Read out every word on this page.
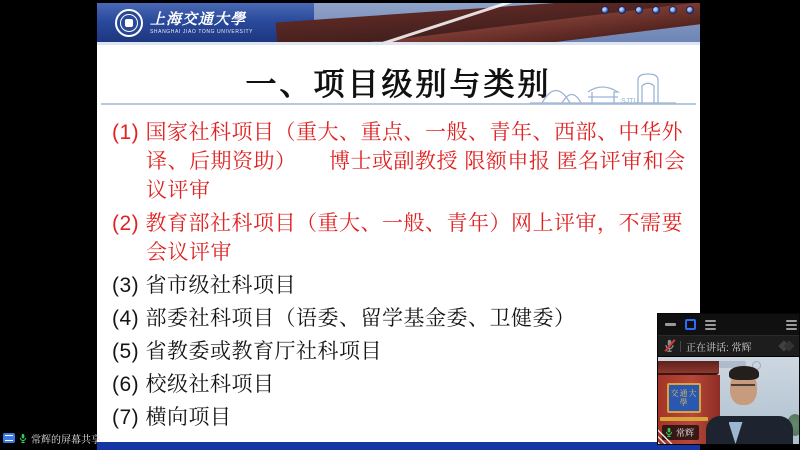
上海交通大學
SHANGHAI JIAO TONG UNIVERSITY
一、项目级别与类别	SJTU
(1) 国家社科项目（重大、重点、一般、青年、西部、中华外译、后期资助）　　博士或副教授 限额申报 匿名评审和会议评审
(2) 教育部社科项目（重大、一般、青年）网上评审，不需要会议评审
(3) 省市级社科项目
(4) 部委社科项目（语委、留学基金委、卫健委）
(5) 省教委或教育厅社科项目
(6) 校级社科项目
(7) 横向项目
常辉的屏幕共享
正在讲话: 常辉
交通大學
常辉
